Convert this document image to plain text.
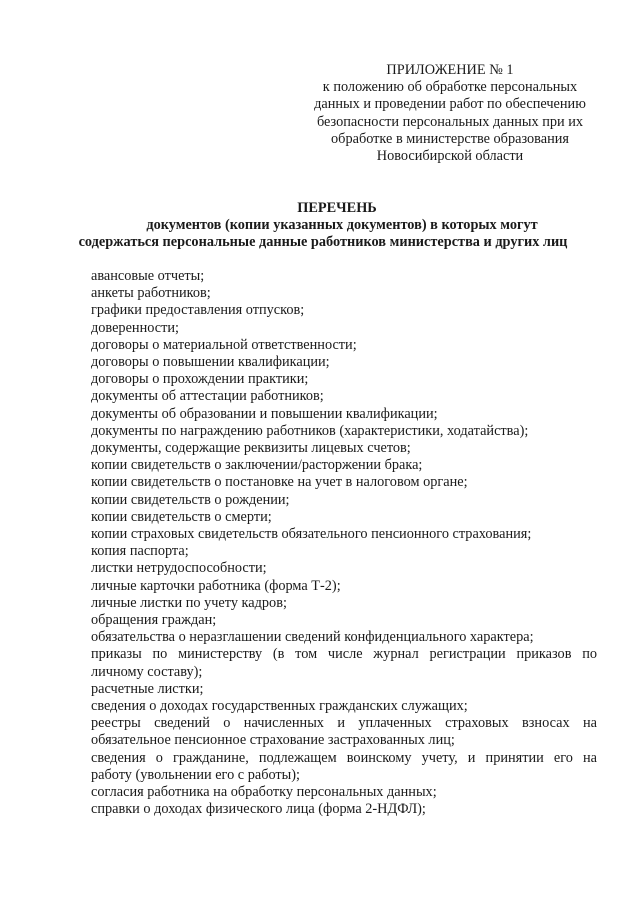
ПРИЛОЖЕНИЕ № 1
к положению об обработке персональных
данных и проведении работ по обеспечению
безопасности персональных данных при их
обработке в министерстве образования
Новосибирской области
ПЕРЕЧЕНЬ
документов (копии указанных документов) в которых могут
содержаться персональные данные работников министерства и других лиц
авансовые отчеты;
анкеты работников;
графики предоставления отпусков;
доверенности;
договоры о материальной ответственности;
договоры о повышении квалификации;
договоры о прохождении практики;
документы об аттестации работников;
документы об образовании и повышении квалификации;
документы по награждению работников (характеристики, ходатайства);
документы, содержащие реквизиты лицевых счетов;
копии свидетельств о заключении/расторжении брака;
копии свидетельств о постановке на учет в налоговом органе;
копии свидетельств о рождении;
копии свидетельств о смерти;
копии страховых свидетельств обязательного пенсионного страхования;
копия паспорта;
листки нетрудоспособности;
личные карточки работника (форма Т-2);
личные листки по учету кадров;
обращения граждан;
обязательства о неразглашении сведений конфиденциального характера;
приказы по министерству (в том числе журнал регистрации приказов по
личному составу);
расчетные листки;
сведения о доходах государственных гражданских служащих;
реестры сведений о начисленных и уплаченных страховых взносах на
обязательное пенсионное страхование застрахованных лиц;
сведения о гражданине, подлежащем воинскому учету, и принятии его на
работу (увольнении его с работы);
согласия работника на обработку персональных данных;
справки о доходах физического лица (форма 2-НДФЛ);
